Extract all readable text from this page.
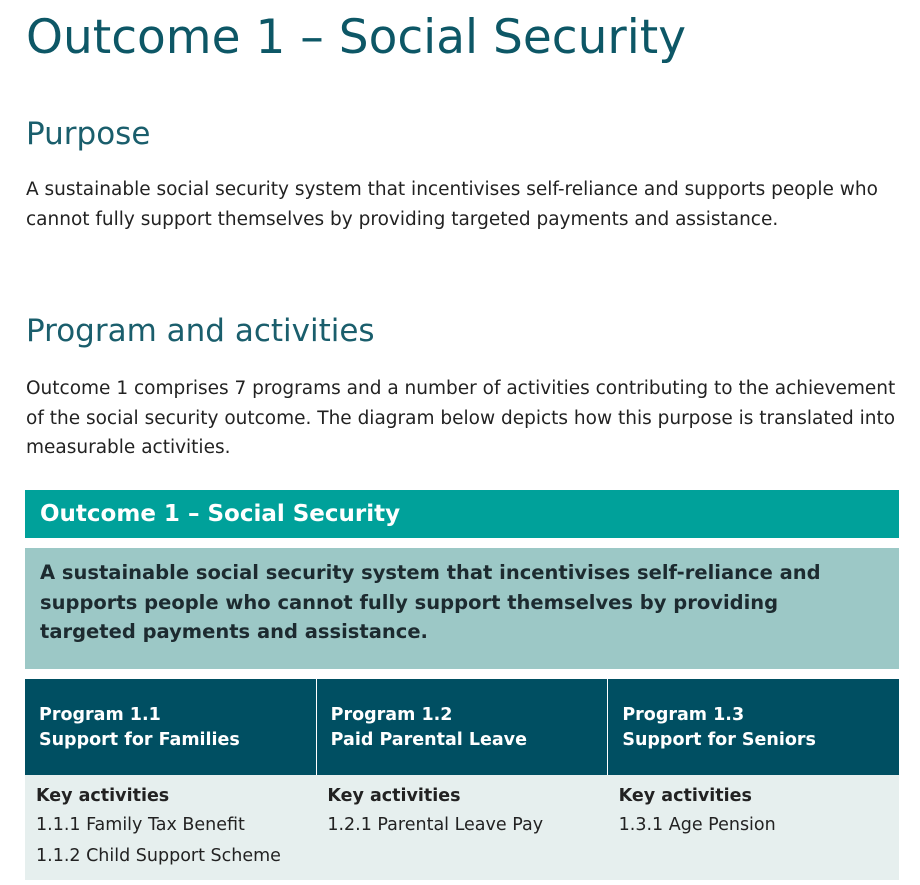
Outcome 1 – Social Security
Purpose

A sustainable social security system that incentivises self-reliance and supports people who cannot fully support themselves by providing targeted payments and assistance.

Program and activities

Outcome 1 comprises 7 programs and a number of activities contributing to the achievement of the social security outcome. The diagram below depicts how this purpose is translated into measurable activities.

Outcome 1 – Social Security
A sustainable social security system that incentivises self-reliance and supports people who cannot fully support themselves by providing targeted payments and assistance.
Program 1.1
Support for Families
Program 1.2
Paid Parental Leave
Program 1.3
Support for Seniors
Key activities
1.1.1 Family Tax Benefit
1.1.2 Child Support Scheme
Key activities
1.2.1 Parental Leave Pay
Key activities
1.3.1 Age Pension
